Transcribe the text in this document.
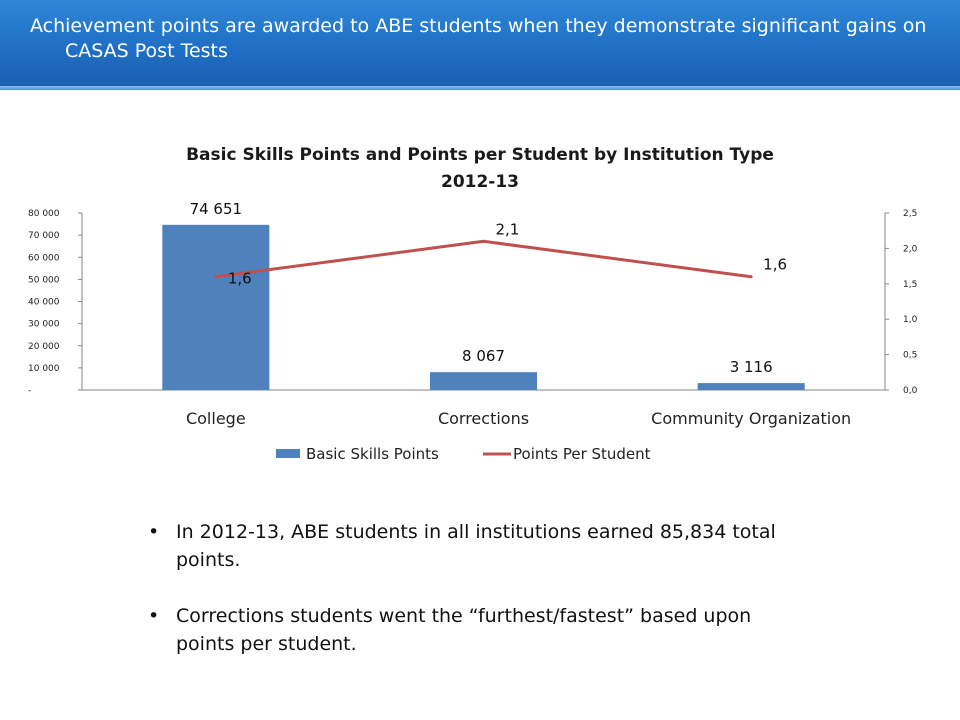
Achievement points are awarded to ABE students when they demonstrate significant gains on CASAS Post Tests
Basic Skills Points and Points per Student by Institution Type
2012-13
-
10 000
20 000
30 000
40 000
50 000
60 000
70 000
80 000
0,0
0,5
1,0
1,5
2,0
2,5
74 651
8 067
3 116
1,6
2,1
1,6
College	Corrections	Community Organization
Basic Skills Points	Points Per Student
• In 2012-13, ABE students in all institutions earned 85,834 total points.
• Corrections students went the “furthest/fastest” based upon points per student.
